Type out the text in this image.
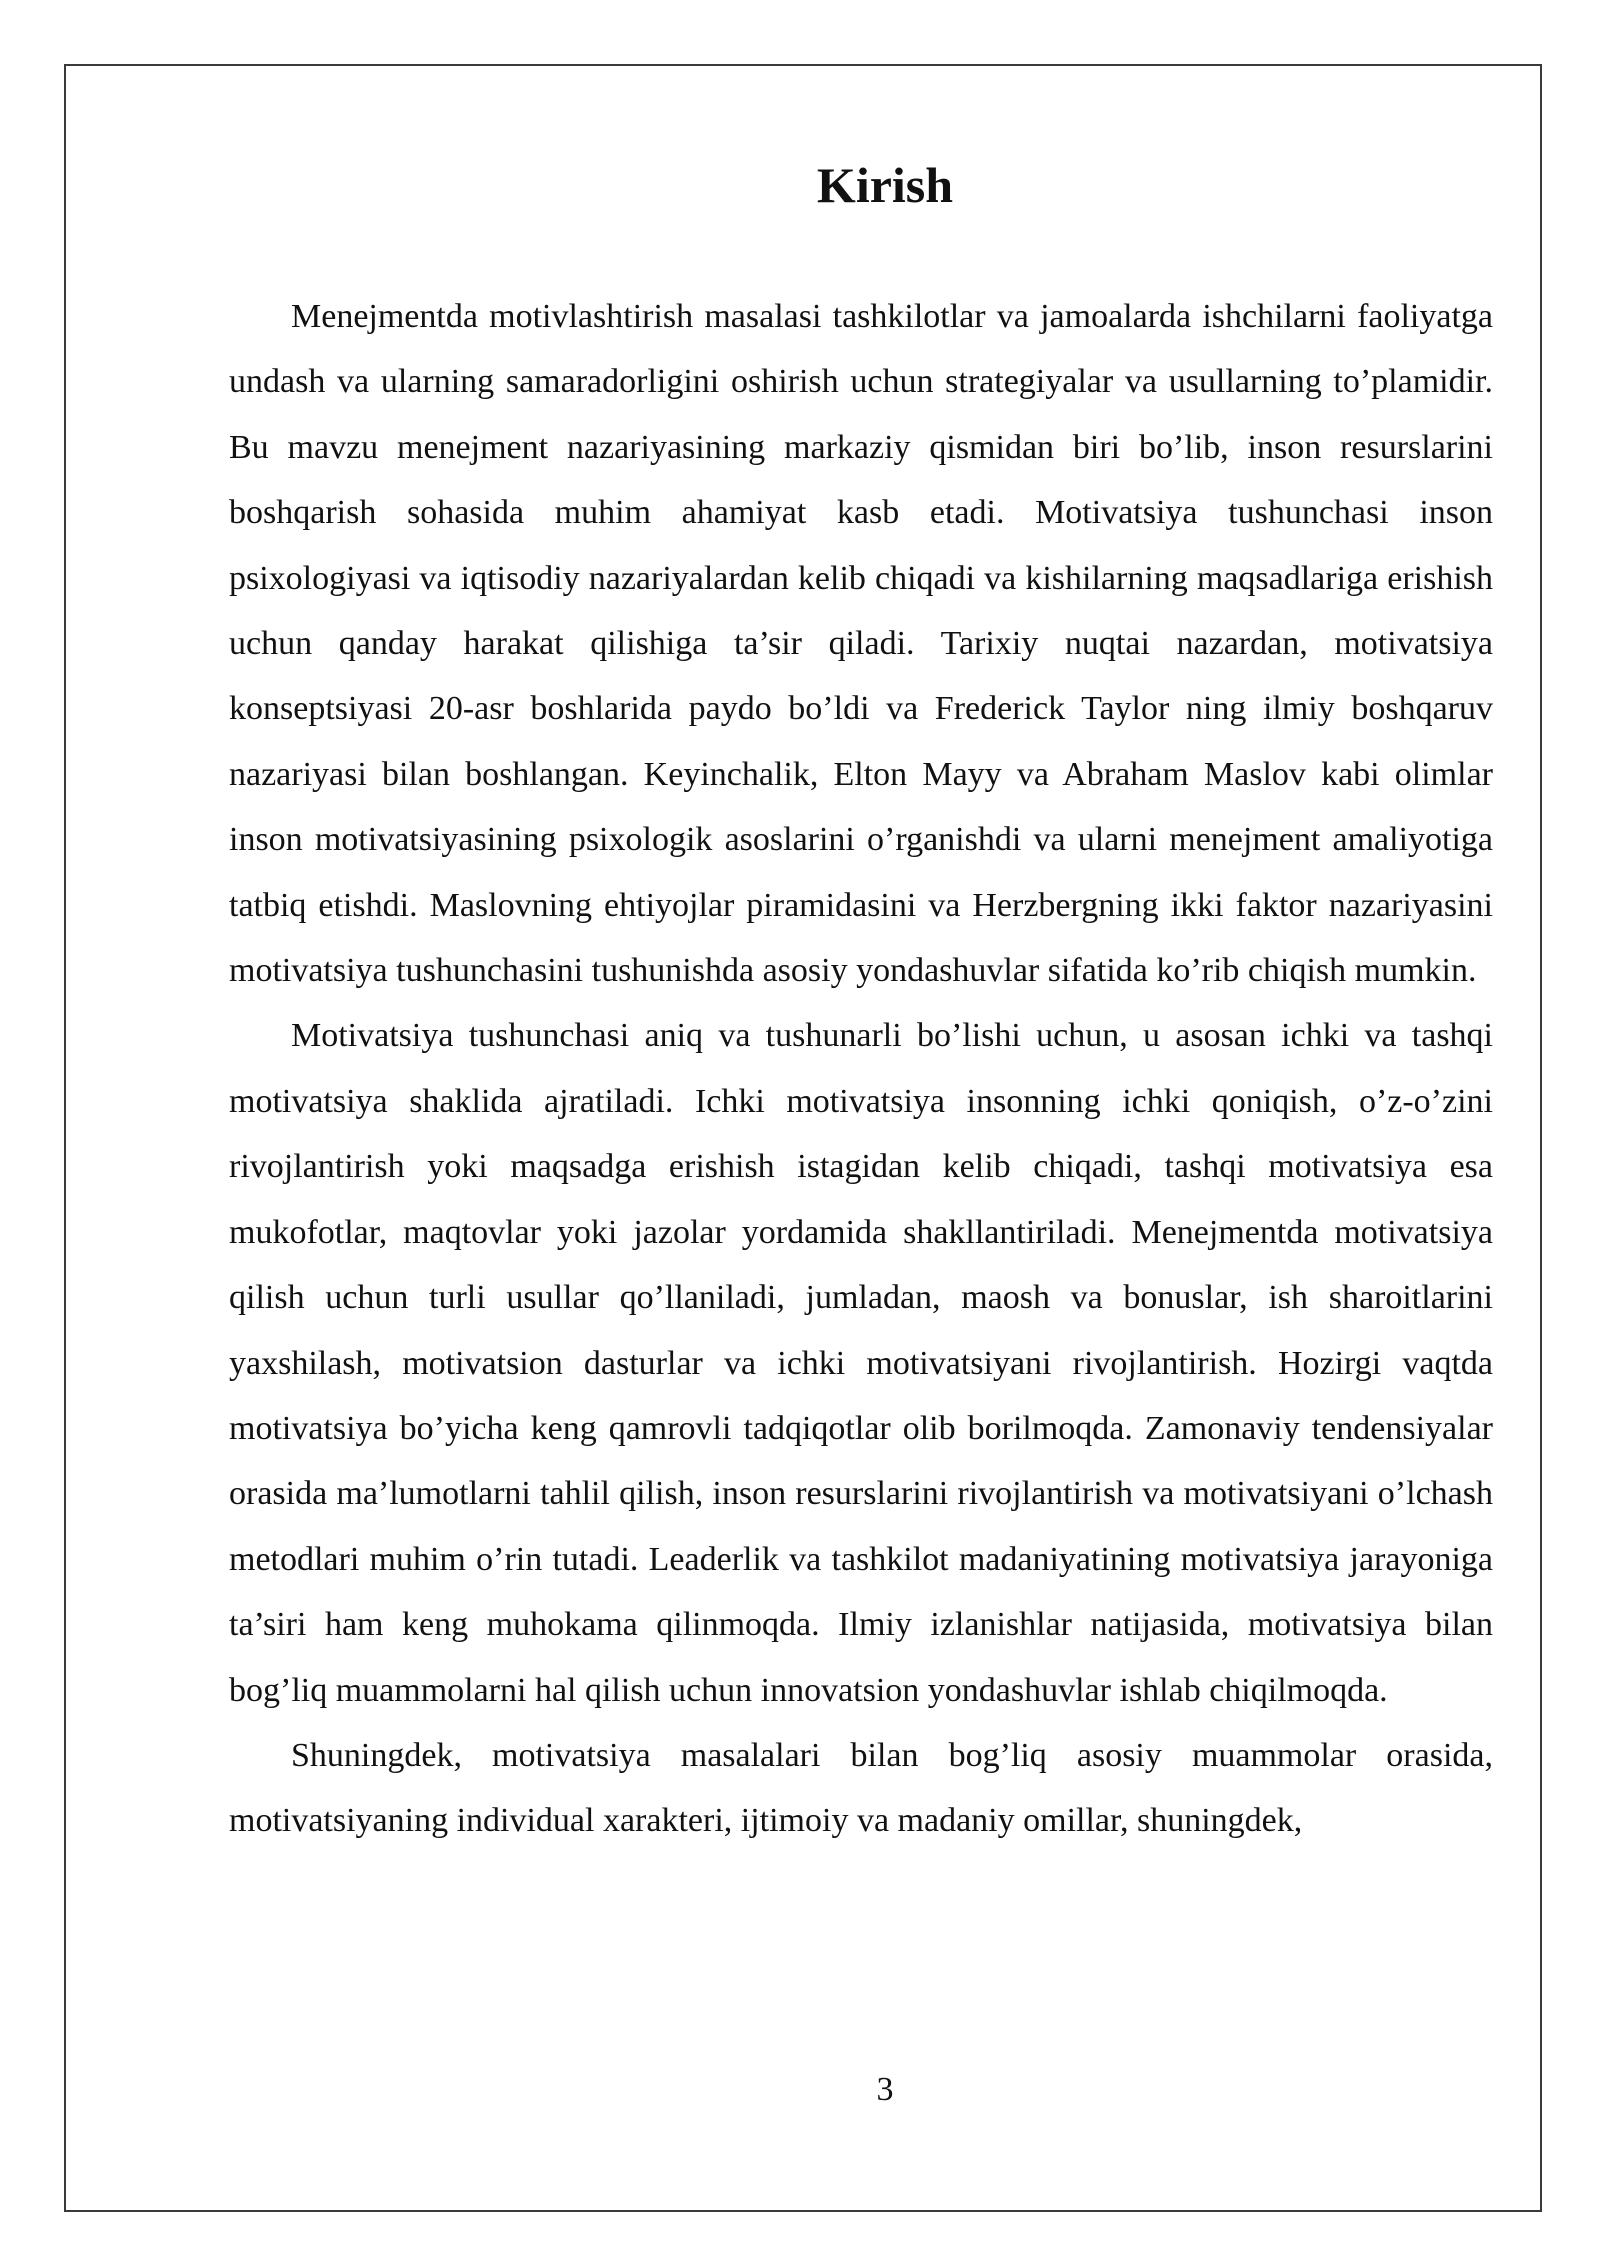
Kirish

Menejmentda motivlashtirish masalasi tashkilotlar va jamoalarda ishchilarni faoliyatga undash va ularning samaradorligini oshirish uchun strategiyalar va usullarning to’plamidir. Bu mavzu menejment nazariyasining markaziy qismidan biri bo’lib, inson resurslarini boshqarish sohasida muhim ahamiyat kasb etadi. Motivatsiya tushunchasi inson psixologiyasi va iqtisodiy nazariyalardan kelib chiqadi va kishilarning maqsadlariga erishish uchun qanday harakat qilishiga ta’sir qiladi. Tarixiy nuqtai nazardan, motivatsiya konseptsiyasi 20-asr boshlarida paydo bo’ldi va Frederick Taylor ning ilmiy boshqaruv nazariyasi bilan boshlangan. Keyinchalik, Elton Mayy va Abraham Maslov kabi olimlar inson motivatsiyasining psixologik asoslarini o’rganishdi va ularni menejment amaliyotiga tatbiq etishdi. Maslovning ehtiyojlar piramidasini va Herzbergning ikki faktor nazariyasini motivatsiya tushunchasini tushunishda asosiy yondashuvlar sifatida ko’rib chiqish mumkin.

Motivatsiya tushunchasi aniq va tushunarli bo’lishi uchun, u asosan ichki va tashqi motivatsiya shaklida ajratiladi. Ichki motivatsiya insonning ichki qoniqish, o’z-o’zini rivojlantirish yoki maqsadga erishish istagidan kelib chiqadi, tashqi motivatsiya esa mukofotlar, maqtovlar yoki jazolar yordamida shakllantiriladi. Menejmentda motivatsiya qilish uchun turli usullar qo’llaniladi, jumladan, maosh va bonuslar, ish sharoitlarini yaxshilash, motivatsion dasturlar va ichki motivatsiyani rivojlantirish. Hozirgi vaqtda motivatsiya bo’yicha keng qamrovli tadqiqotlar olib borilmoqda. Zamonaviy tendensiyalar orasida ma’lumotlarni tahlil qilish, inson resurslarini rivojlantirish va motivatsiyani o’lchash metodlari muhim o’rin tutadi. Leaderlik va tashkilot madaniyatining motivatsiya jarayoniga ta’siri ham keng muhokama qilinmoqda. Ilmiy izlanishlar natijasida, motivatsiya bilan bog’liq muammolarni hal qilish uchun innovatsion yondashuvlar ishlab chiqilmoqda.

Shuningdek, motivatsiya masalalari bilan bog’liq asosiy muammolar orasida, motivatsiyaning individual xarakteri, ijtimoiy va madaniy omillar, shuningdek,

3
